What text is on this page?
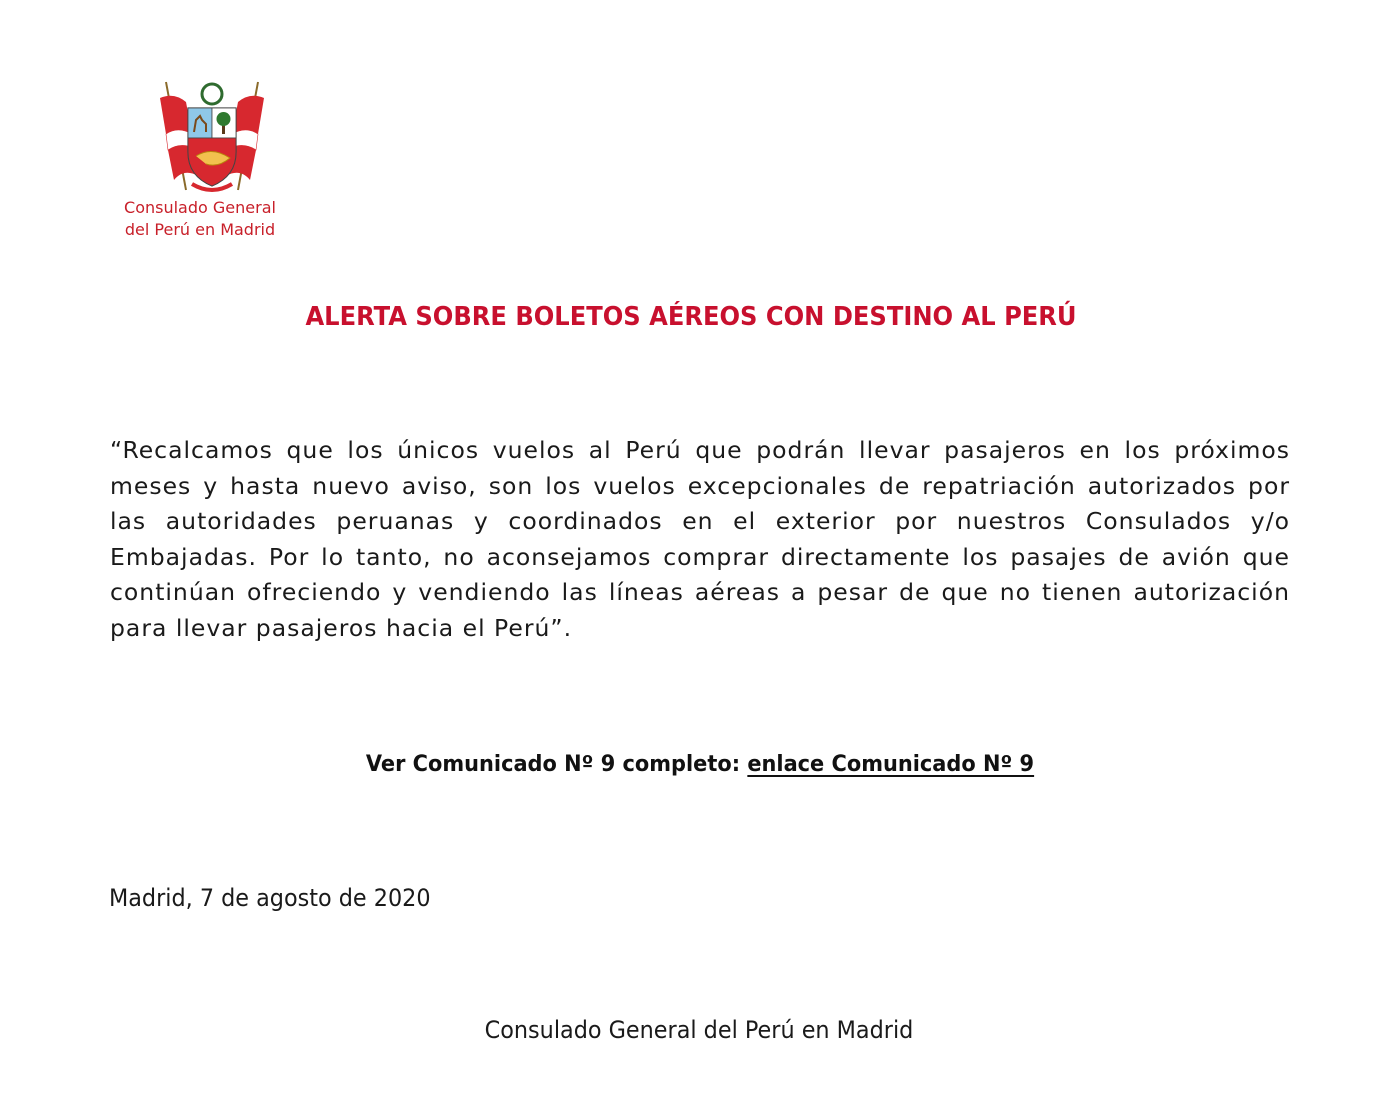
Consulado General
del Perú en Madrid
ALERTA SOBRE BOLETOS AÉREOS CON DESTINO AL PERÚ
“Recalcamos que los únicos vuelos al Perú que podrán llevar pasajeros en los próximos meses y hasta nuevo aviso, son los vuelos excepcionales de repatriación autorizados por las autoridades peruanas y coordinados en el exterior por nuestros Consulados y/o Embajadas. Por lo tanto, no aconsejamos comprar directamente los pasajes de avión que continúan ofreciendo y vendiendo las líneas aéreas a pesar de que no tienen autorización para llevar pasajeros hacia el Perú”.
Ver Comunicado Nº 9 completo: enlace Comunicado Nº 9
Madrid, 7 de agosto de 2020
Consulado General del Perú en Madrid
